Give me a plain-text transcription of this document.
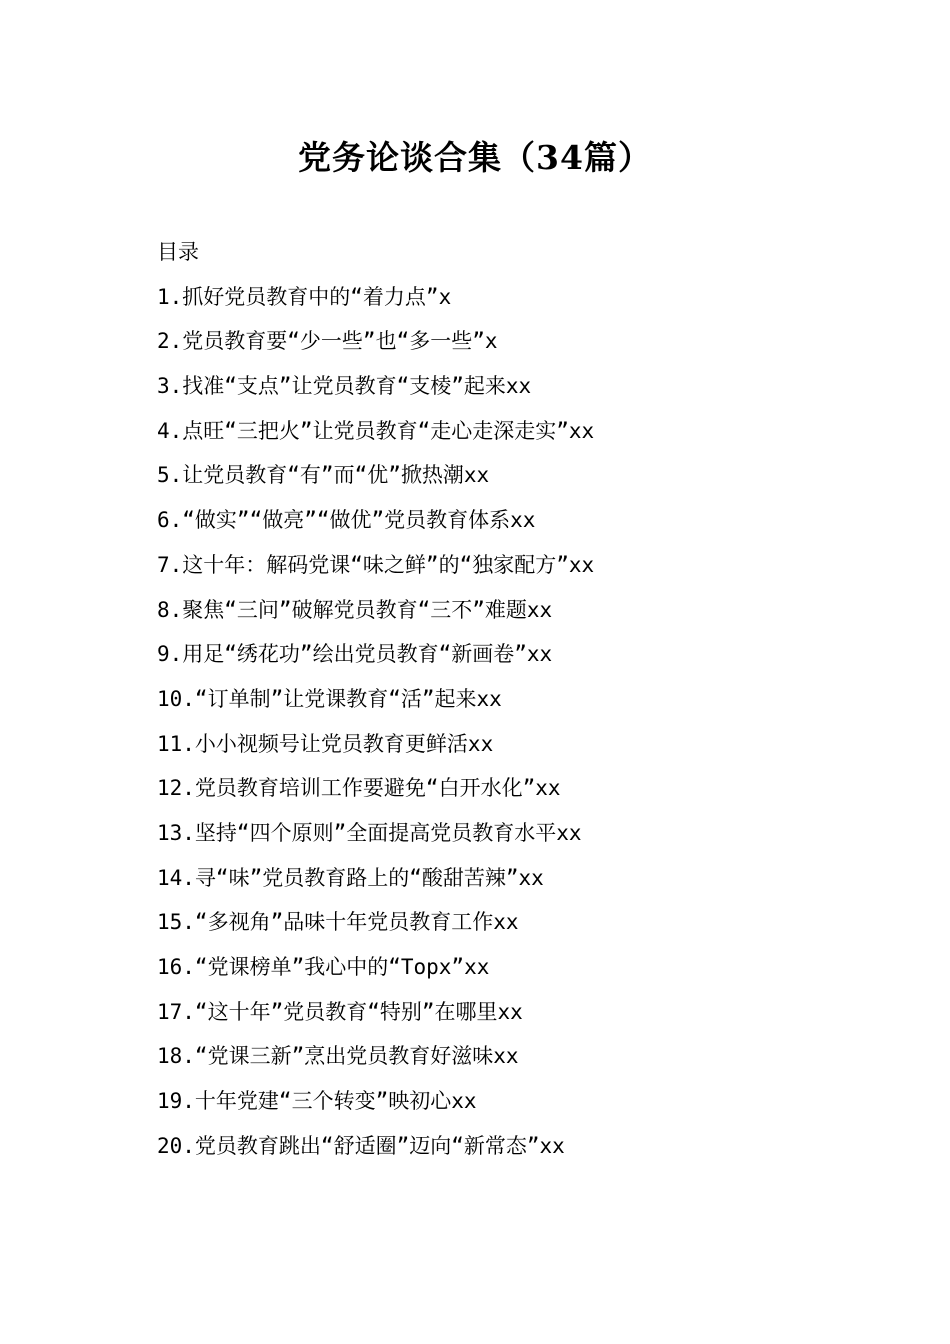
党务论谈合集（34篇）
目录
1.抓好党员教育中的“着力点”x
2.党员教育要“少一些”也“多一些”x
3.找准“支点”让党员教育“支棱”起来xx
4.点旺“三把火”让党员教育“走心走深走实”xx
5.让党员教育“有”而“优”掀热潮xx
6.“做实”“做亮”“做优”党员教育体系xx
7.这十年：解码党课“味之鲜”的“独家配方”xx
8.聚焦“三问”破解党员教育“三不”难题xx
9.用足“绣花功”绘出党员教育“新画卷”xx
10.“订单制”让党课教育“活”起来xx
11.小小视频号让党员教育更鲜活xx
12.党员教育培训工作要避免“白开水化”xx
13.坚持“四个原则”全面提高党员教育水平xx
14.寻“味”党员教育路上的“酸甜苦辣”xx
15.“多视角”品味十年党员教育工作xx
16.“党课榜单”我心中的“Topx”xx
17.“这十年”党员教育“特别”在哪里xx
18.“党课三新”烹出党员教育好滋味xx
19.十年党建“三个转变”映初心xx
20.党员教育跳出“舒适圈”迈向“新常态”xx
